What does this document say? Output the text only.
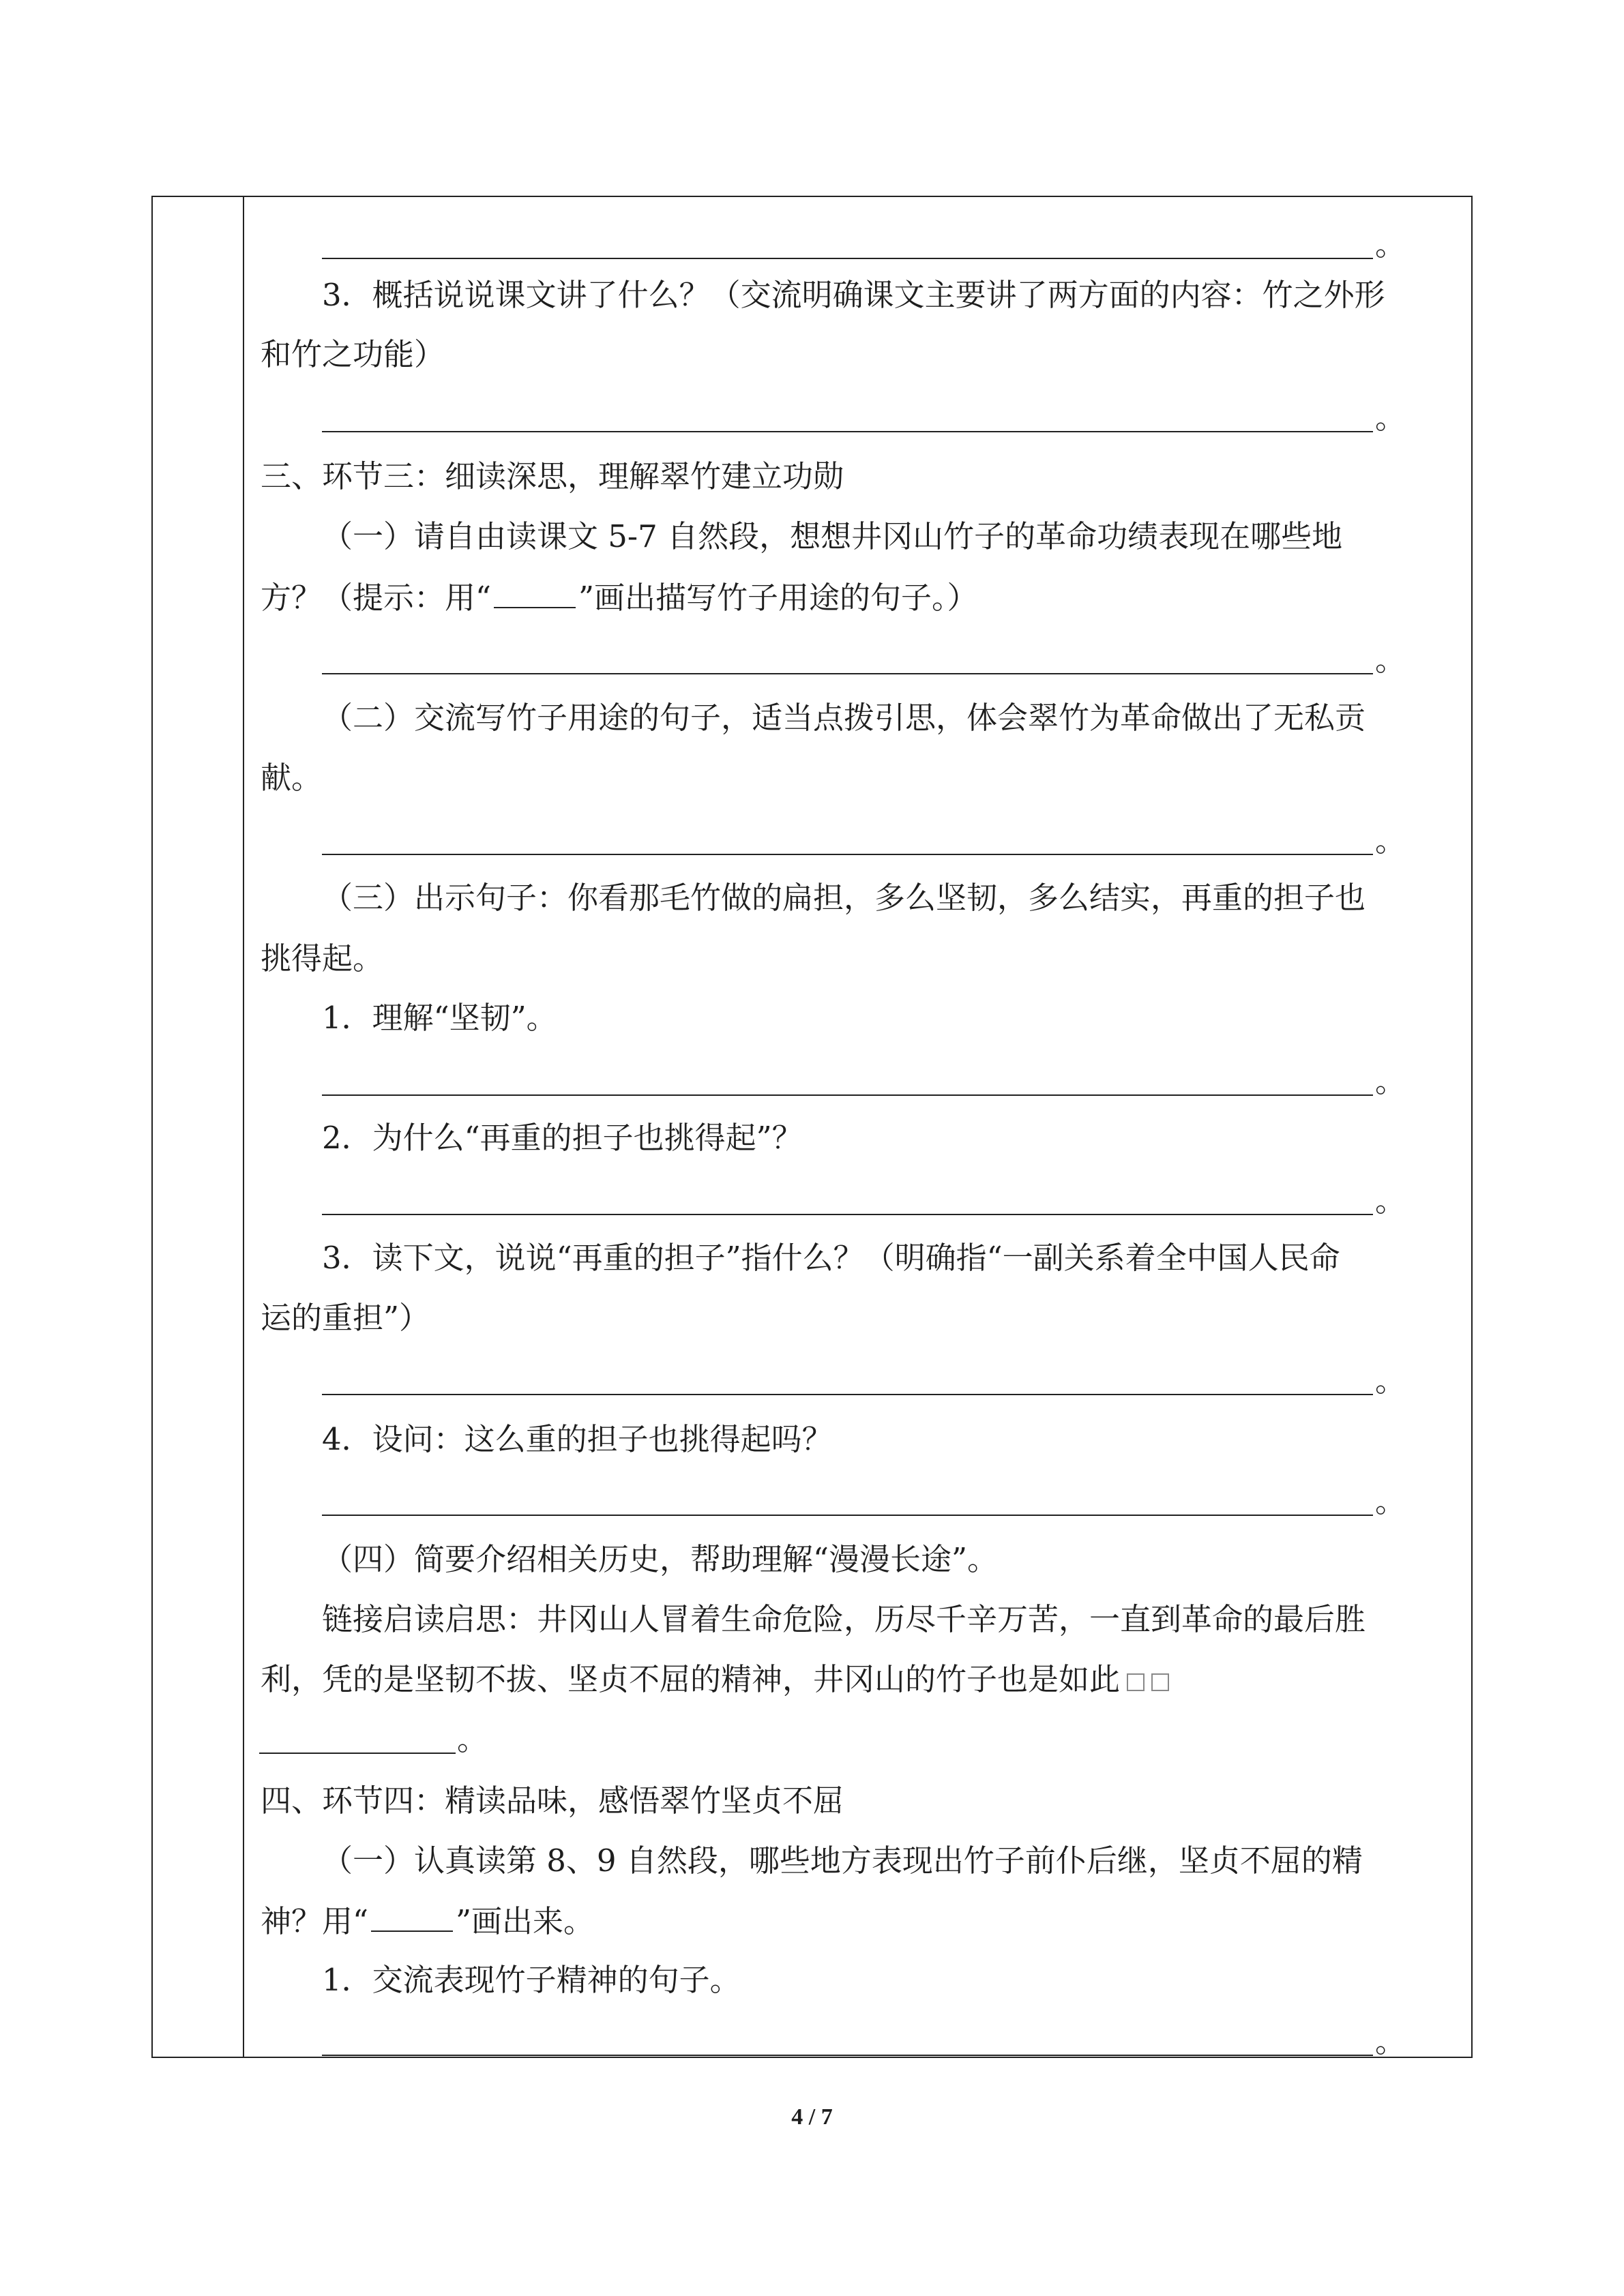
。
3．概括说说课文讲了什么？（交流明确课文主要讲了两方面的内容：竹之外形
和竹之功能）
。
三、环节三：细读深思，理解翠竹建立功勋
（一）请自由读课文 5-7 自然段，想想井冈山竹子的革命功绩表现在哪些地
方？（提示：用“	”画出描写竹子用途的句子。）
。
（二）交流写竹子用途的句子，适当点拨引思，体会翠竹为革命做出了无私贡
献。
。
（三）出示句子：你看那毛竹做的扁担，多么坚韧，多么结实，再重的担子也
挑得起。
1．理解“坚韧”。
。
2．为什么“再重的担子也挑得起”？
。
3．读下文，说说“再重的担子”指什么？（明确指“一副关系着全中国人民命
运的重担”）
。
4．设问：这么重的担子也挑得起吗？
。
（四）简要介绍相关历史，帮助理解“漫漫长途”。
链接启读启思：井冈山人冒着生命危险，历尽千辛万苦，一直到革命的最后胜
利，凭的是坚韧不拔、坚贞不屈的精神，井冈山的竹子也是如此
。
四、环节四：精读品味，感悟翠竹坚贞不屈
（一）认真读第 8、9 自然段，哪些地方表现出竹子前仆后继，坚贞不屈的精
神？用“	”画出来。
1．交流表现竹子精神的句子。
。
4 / 7
